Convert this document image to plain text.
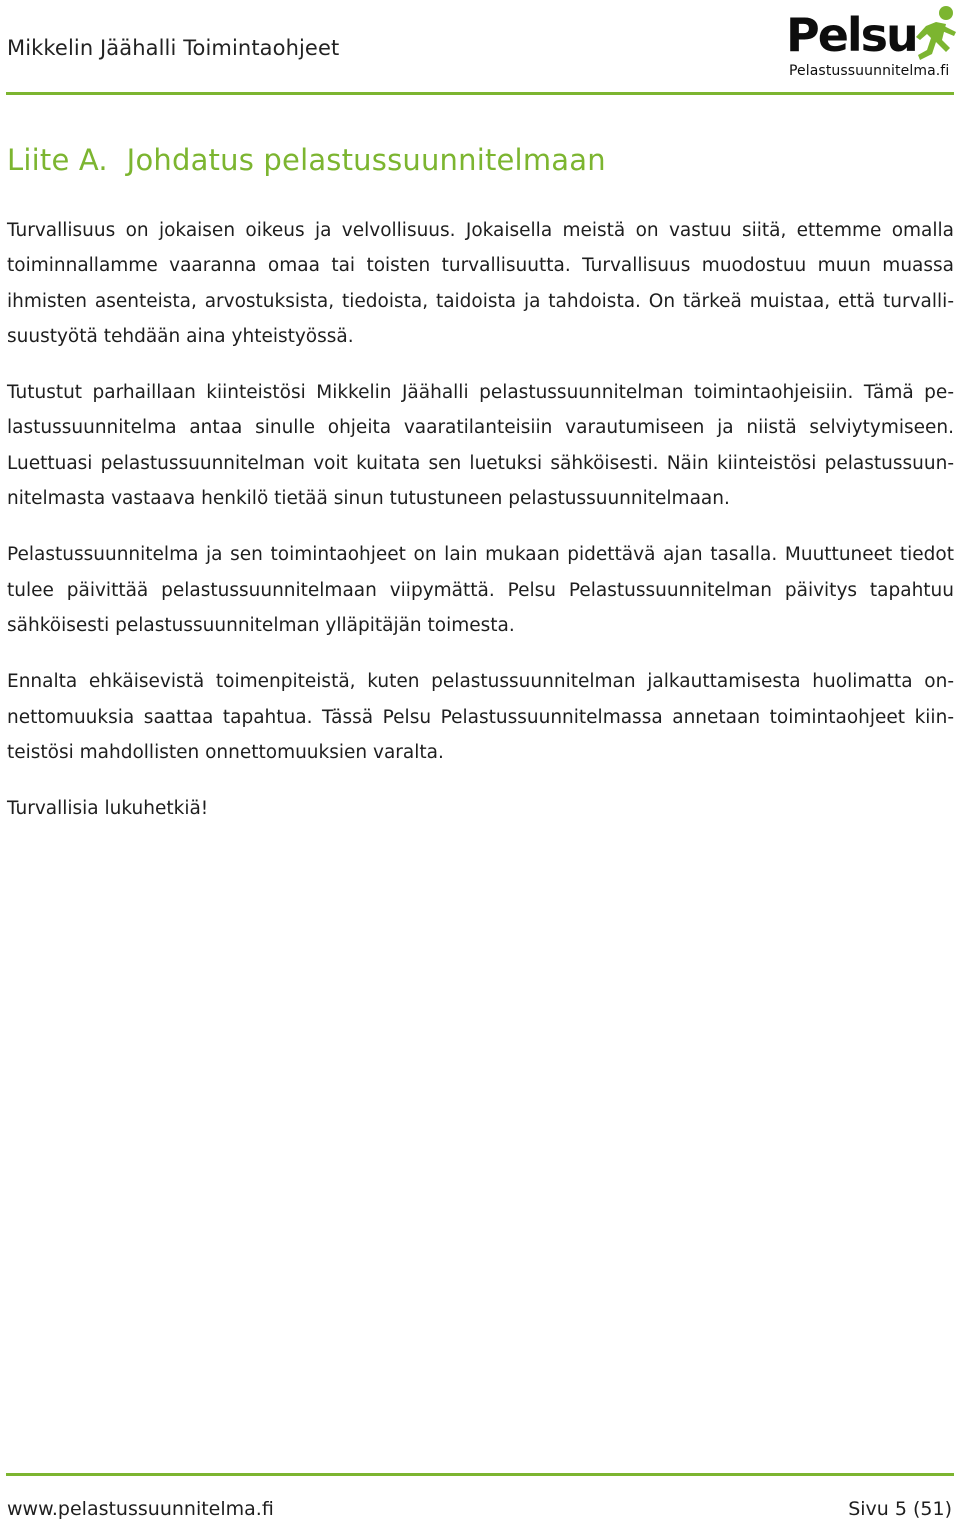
Mikkelin Jäähalli Toimintaohjeet	Pelsu
Pelastussuunnitelma.fi
Liite A.  Johdatus pelastussuunnitelmaan

Turvallisuus on jokaisen oikeus ja velvollisuus. Jokaisella meistä on vastuu siitä, ettemme omalla toiminnallamme vaaranna omaa tai toisten turvallisuutta. Turvallisuus muodostuu muun muassa ihmisten asenteista, arvostuksista, tiedoista, taidoista ja tahdoista. On tärkeä muistaa, että turvallisuustyötä tehdään aina yhteistyössä.

Tutustut parhaillaan kiinteistösi Mikkelin Jäähalli pelastussuunnitelman toimintaohjeisiin. Tämä pelastussuunnitelma antaa sinulle ohjeita vaaratilanteisiin varautumiseen ja niistä selviytymiseen. Luettuasi pelastussuunnitelman voit kuitata sen luetuksi sähköisesti. Näin kiinteistösi pelastussuunnitelmasta vastaava henkilö tietää sinun tutustuneen pelastussuunnitelmaan.

Pelastussuunnitelma ja sen toimintaohjeet on lain mukaan pidettävä ajan tasalla. Muuttuneet tiedot tulee päivittää pelastussuunnitelmaan viipymättä. Pelsu Pelastussuunnitelman päivitys tapahtuu sähköisesti pelastussuunnitelman ylläpitäjän toimesta.

Ennalta ehkäisevistä toimenpiteistä, kuten pelastussuunnitelman jalkauttamisesta huolimatta onnettomuuksia saattaa tapahtua. Tässä Pelsu Pelastussuunnitelmassa annetaan toimintaohjeet kiinteistösi mahdollisten onnettomuuksien varalta.

Turvallisia lukuhetkiä!

www.pelastussuunnitelma.fi	Sivu 5 (51)
